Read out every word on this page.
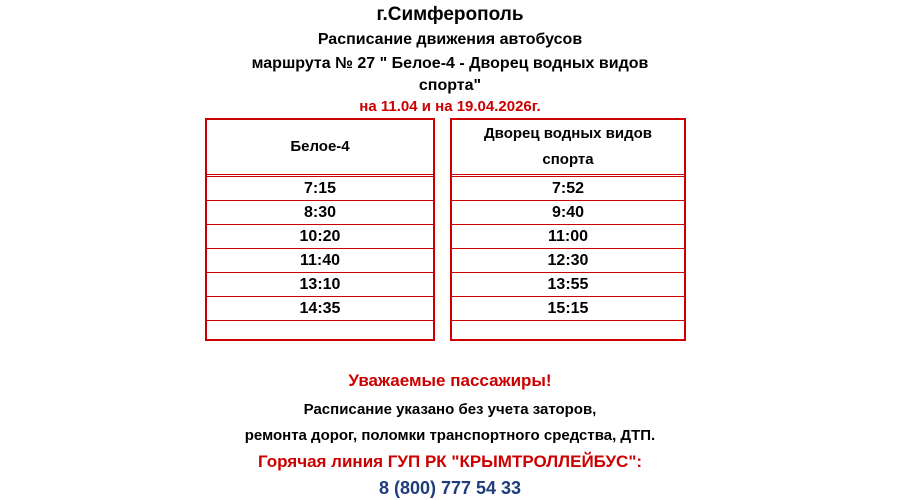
г.Симферополь
Расписание движения автобусов
маршрута № 27 " Белое-4 - Дворец водных видов
спорта"
на 11.04 и на 19.04.2026г.
Белое-4
7:15
8:30
10:20
11:40
13:10
14:35
Дворец водных видов
спорта
7:52
9:40
11:00
12:30
13:55
15:15
Уважаемые пассажиры!
Расписание указано без учета заторов,
ремонта дорог, поломки транспортного средства, ДТП.
Горячая линия ГУП РК "КРЫМТРОЛЛЕЙБУС":
8 (800) 777 54 33
